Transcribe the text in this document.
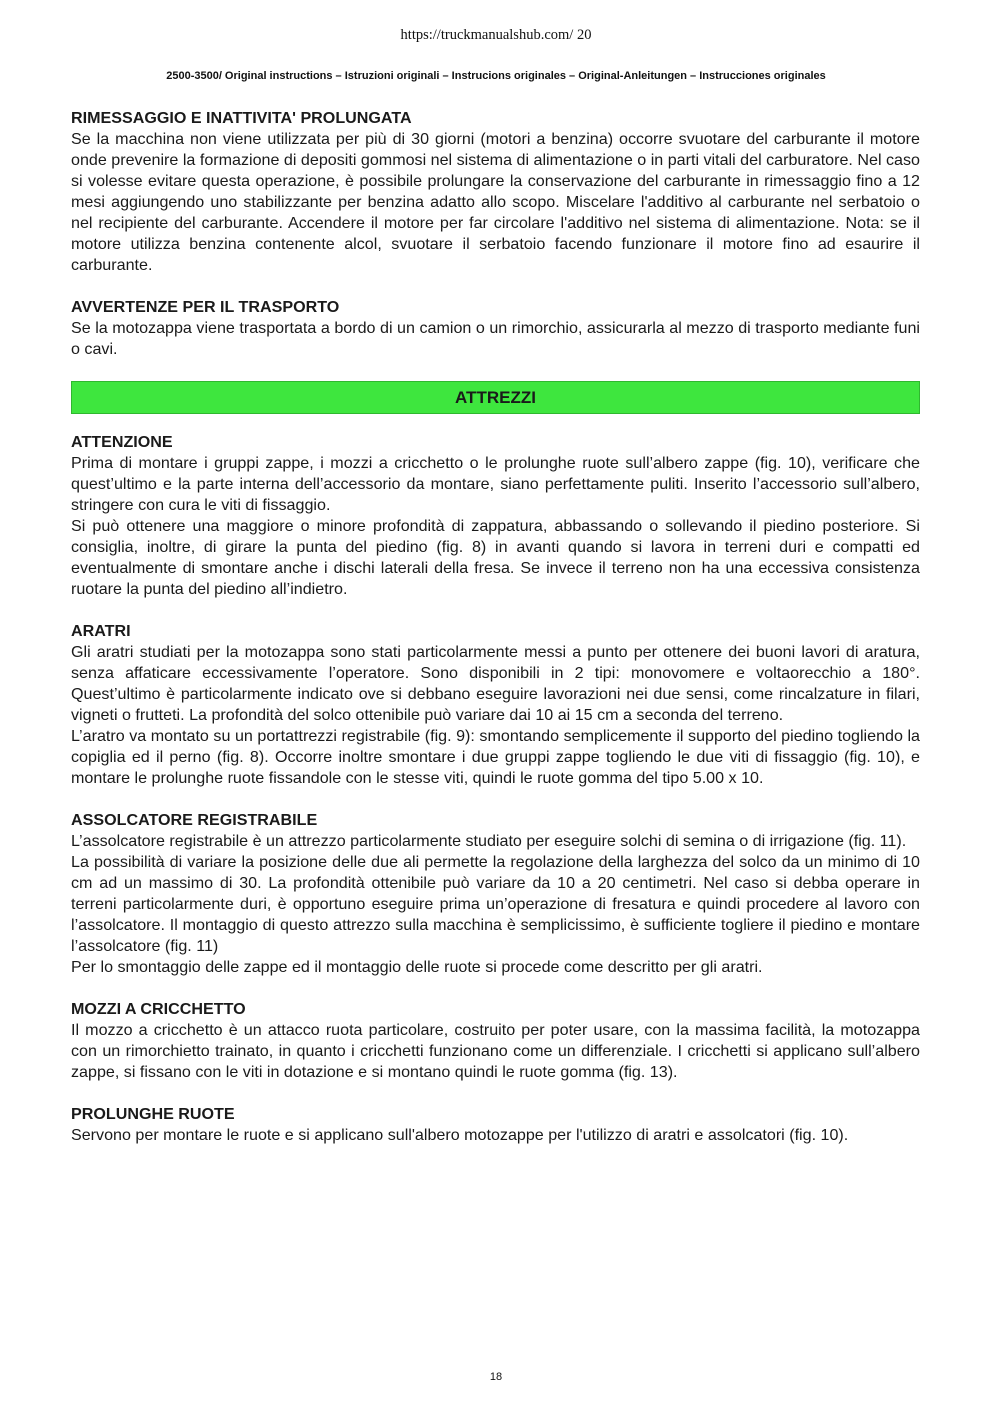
https://truckmanualshub.com/ 20
2500-3500/ Original instructions – Istruzioni originali – Instrucions originales – Original-Anleitungen – Instrucciones originales

RIMESSAGGIO E INATTIVITA' PROLUNGATA

Se la macchina non viene utilizzata per più di 30 giorni (motori a benzina) occorre svuotare del carburante il motore onde prevenire la formazione di depositi gommosi nel sistema di alimentazione o in parti vitali del carburatore. Nel caso si volesse evitare questa operazione, è possibile prolungare la conservazione del carburante in rimessaggio fino a 12 mesi aggiungendo uno stabilizzante per benzina adatto allo scopo. Miscelare l'additivo al carburante nel serbatoio o nel recipiente del carburante. Accendere il motore per far circolare l'additivo nel sistema di alimentazione. Nota: se il motore utilizza benzina contenente alcol, svuotare il serbatoio facendo funzionare il motore fino ad esaurire il carburante.

AVVERTENZE PER IL TRASPORTO

Se la motozappa viene trasportata a bordo di un camion o un rimorchio, assicurarla al mezzo di trasporto mediante funi o cavi.

ATTREZZI

ATTENZIONE

Prima di montare i gruppi zappe, i mozzi a cricchetto o le prolunghe ruote sull’albero zappe (fig. 10), verificare che quest’ultimo e la parte interna dell’accessorio da montare, siano perfettamente puliti. Inserito l’accessorio sull’albero, stringere con cura le viti di fissaggio.

Si può ottenere una maggiore o minore profondità di zappatura, abbassando o sollevando il piedino posteriore. Si consiglia, inoltre, di girare la punta del piedino (fig. 8) in avanti quando si lavora in terreni duri e compatti ed eventualmente di smontare anche i dischi laterali della fresa. Se invece il terreno non ha una eccessiva consistenza ruotare la punta del piedino all’indietro.

ARATRI

Gli aratri studiati per la motozappa sono stati particolarmente messi a punto per ottenere dei buoni lavori di aratura, senza affaticare eccessivamente l’operatore. Sono disponibili in 2 tipi: monovomere e voltaorecchio a 180°. Quest’ultimo è particolarmente indicato ove si debbano eseguire lavorazioni nei due sensi, come rincalzature in filari, vigneti o frutteti. La profondità del solco ottenibile può variare dai 10 ai 15 cm a seconda del terreno.

L’aratro va montato su un portattrezzi registrabile (fig. 9): smontando semplicemente il supporto del piedino togliendo la copiglia ed il perno (fig. 8). Occorre inoltre smontare i due gruppi zappe togliendo le due viti di fissaggio (fig. 10), e montare le prolunghe ruote fissandole con le stesse viti, quindi le ruote gomma del tipo 5.00 x 10.

ASSOLCATORE REGISTRABILE

L’assolcatore registrabile è un attrezzo particolarmente studiato per eseguire solchi di semina o di irrigazione (fig. 11).

La possibilità di variare la posizione delle due ali permette la regolazione della larghezza del solco da un minimo di 10 cm ad un massimo di 30. La profondità ottenibile può variare da 10 a 20 centimetri. Nel caso si debba operare in terreni particolarmente duri, è opportuno eseguire prima un’operazione di fresatura e quindi procedere al lavoro con l’assolcatore. Il montaggio di questo attrezzo sulla macchina è semplicissimo, è sufficiente togliere il piedino e montare l’assolcatore (fig. 11)

Per lo smontaggio delle zappe ed il montaggio delle ruote si procede come descritto per gli aratri.

MOZZI A CRICCHETTO

Il mozzo a cricchetto è un attacco ruota particolare, costruito per poter usare, con la massima facilità, la motozappa con un rimorchietto trainato, in quanto i cricchetti funzionano come un differenziale. I cricchetti si applicano sull’albero zappe, si fissano con le viti in dotazione e si montano quindi le ruote gomma (fig. 13).

PROLUNGHE RUOTE

Servono per montare le ruote e si applicano sull'albero motozappe per l'utilizzo di aratri e assolcatori (fig. 10).

18
